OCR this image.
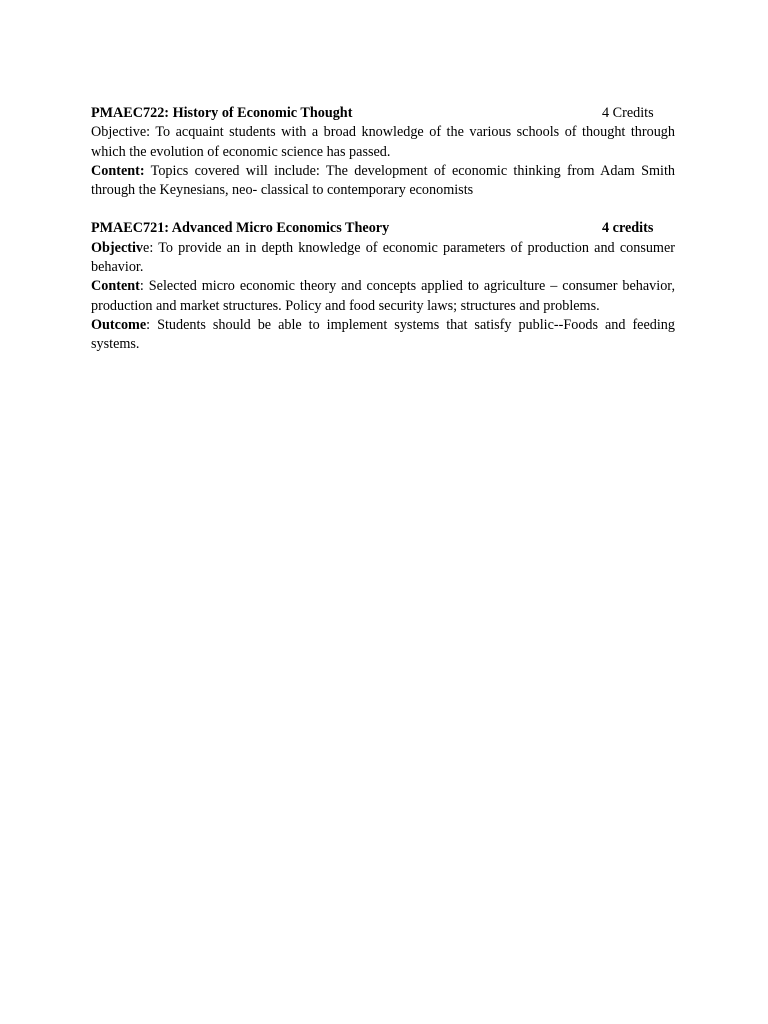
PMAEC722: History of Economic Thought	4 Credits

Objective: To acquaint students with a broad knowledge of the various schools of thought through which the evolution of economic science has passed.

Content: Topics covered will include: The development of economic thinking from Adam Smith through the Keynesians, neo- classical to contemporary economists

PMAEC721: Advanced Micro Economics Theory	4 credits

Objective: To provide an in depth knowledge of economic parameters of production and consumer behavior.

Content: Selected micro economic theory and concepts applied to agriculture – consumer behavior, production and market structures. Policy and food security laws; structures and problems.

Outcome: Students should be able to implement systems that satisfy public--Foods and feeding systems.
